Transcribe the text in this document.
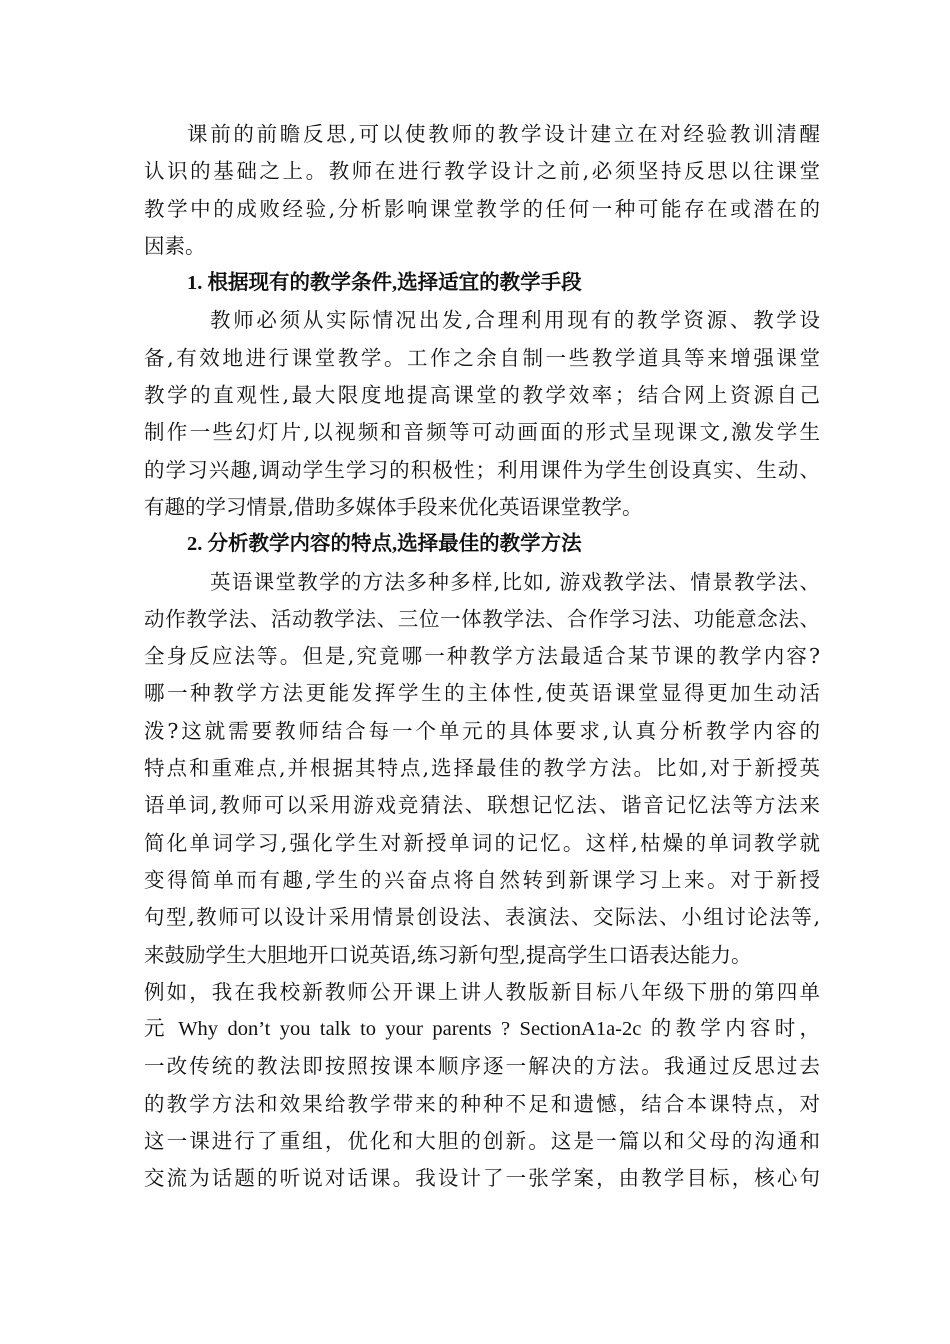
课前的前瞻反思,可以使教师的教学设计建立在对经验教训清醒
认识的基础之上。教师在进行教学设计之前,必须坚持反思以往课堂
教学中的成败经验,分析影响课堂教学的任何一种可能存在或潜在的
因素。
1. 根据现有的教学条件,选择适宜的教学手段
教师必须从实际情况出发,合理利用现有的教学资源、教学设
备,有效地进行课堂教学。工作之余自制一些教学道具等来增强课堂
教学的直观性,最大限度地提高课堂的教学效率；结合网上资源自己
制作一些幻灯片,以视频和音频等可动画面的形式呈现课文,激发学生
的学习兴趣,调动学生学习的积极性；利用课件为学生创设真实、生动、
有趣的学习情景,借助多媒体手段来优化英语课堂教学。
2. 分析教学内容的特点,选择最佳的教学方法
英语课堂教学的方法多种多样,比如, 游戏教学法、情景教学法、
动作教学法、活动教学法、三位一体教学法、合作学习法、功能意念法、
全身反应法等。但是,究竟哪一种教学方法最适合某节课的教学内容?
哪一种教学方法更能发挥学生的主体性,使英语课堂显得更加生动活
泼?这就需要教师结合每一个单元的具体要求,认真分析教学内容的
特点和重难点,并根据其特点,选择最佳的教学方法。比如,对于新授英
语单词,教师可以采用游戏竞猜法、联想记忆法、谐音记忆法等方法来
简化单词学习,强化学生对新授单词的记忆。这样,枯燥的单词教学就
变得简单而有趣,学生的兴奋点将自然转到新课学习上来。对于新授
句型,教师可以设计采用情景创设法、表演法、交际法、小组讨论法等,
来鼓励学生大胆地开口说英语,练习新句型,提高学生口语表达能力。
例如，我在我校新教师公开课上讲人教版新目标八年级下册的第四单
元 Why don’t you talk to your parents ? SectionA1a-2c 的教学内容时，
一改传统的教法即按照按课本顺序逐一解决的方法。我通过反思过去
的教学方法和效果给教学带来的种种不足和遗憾，结合本课特点，对
这一课进行了重组，优化和大胆的创新。这是一篇以和父母的沟通和
交流为话题的听说对话课。我设计了一张学案，由教学目标，核心句
